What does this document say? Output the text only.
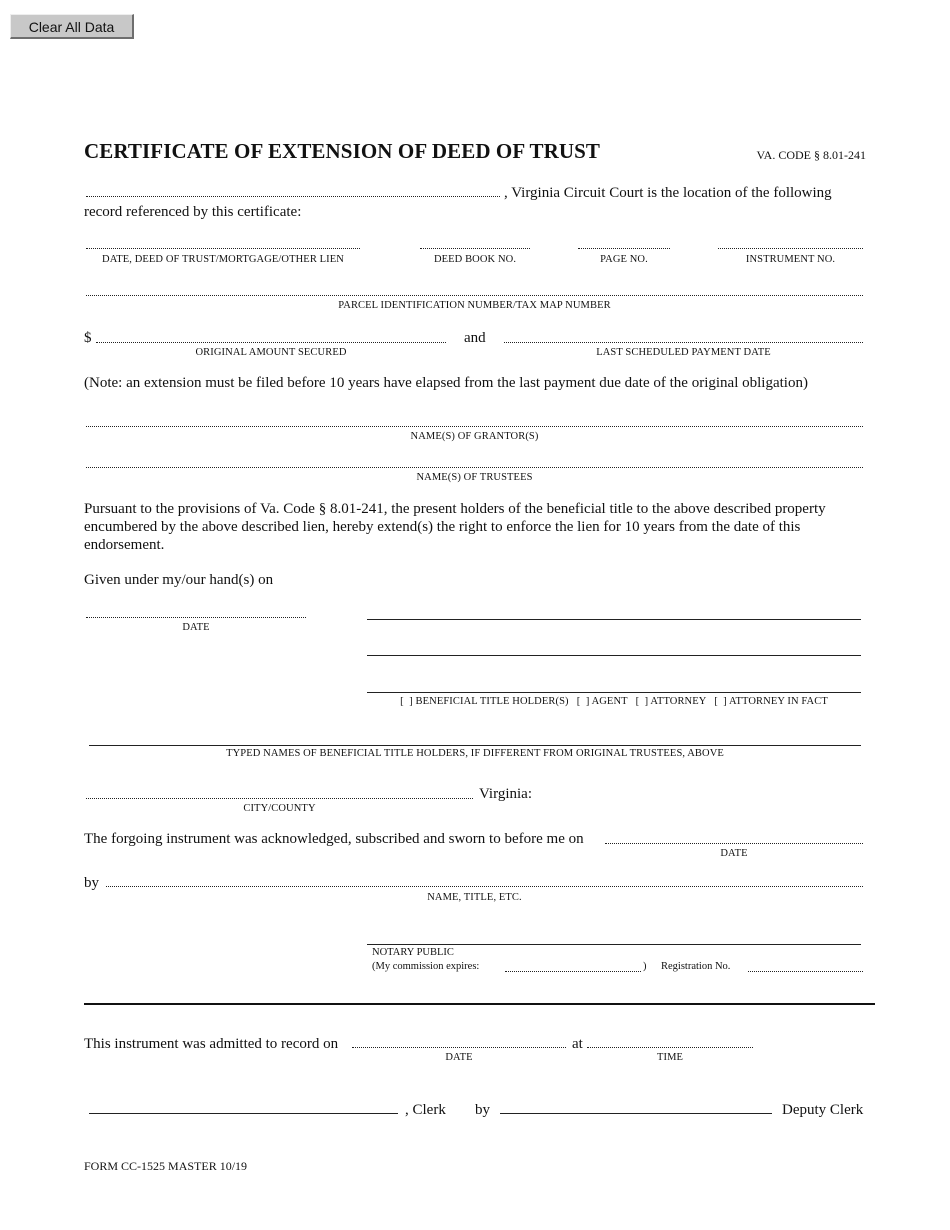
Clear All Data
CERTIFICATE OF EXTENSION OF DEED OF TRUST	VA. CODE § 8.01-241
, Virginia Circuit Court is the location of the following
record referenced by this certificate:
DATE, DEED OF TRUST/MORTGAGE/OTHER LIEN	DEED BOOK NO.	PAGE NO.	INSTRUMENT NO.
PARCEL IDENTIFICATION NUMBER/TAX MAP NUMBER
$
ORIGINAL AMOUNT SECURED
and
LAST SCHEDULED PAYMENT DATE
(Note: an extension must be filed before 10 years have elapsed from the last payment due date of the original obligation)
NAME(S) OF GRANTOR(S)
NAME(S) OF TRUSTEES
Pursuant to the provisions of Va. Code § 8.01-241, the present holders of the beneficial title to the above described property encumbered by the above described lien, hereby extend(s) the right to enforce the lien for 10 years from the date of this endorsement.
Given under my/our hand(s) on
DATE
[  ] BENEFICIAL TITLE HOLDER(S)   [  ] AGENT   [  ] ATTORNEY   [  ] ATTORNEY IN FACT
TYPED NAMES OF BENEFICIAL TITLE HOLDERS, IF DIFFERENT FROM ORIGINAL TRUSTEES, ABOVE
Virginia:
CITY/COUNTY
The forgoing instrument was acknowledged, subscribed and sworn to before me on
DATE
by
NAME, TITLE, ETC.
NOTARY PUBLIC
(My commission expires:	) Registration No.
This instrument was admitted to record on
DATE
at
TIME
, Clerk by	Deputy Clerk
FORM CC-1525 MASTER 10/19
